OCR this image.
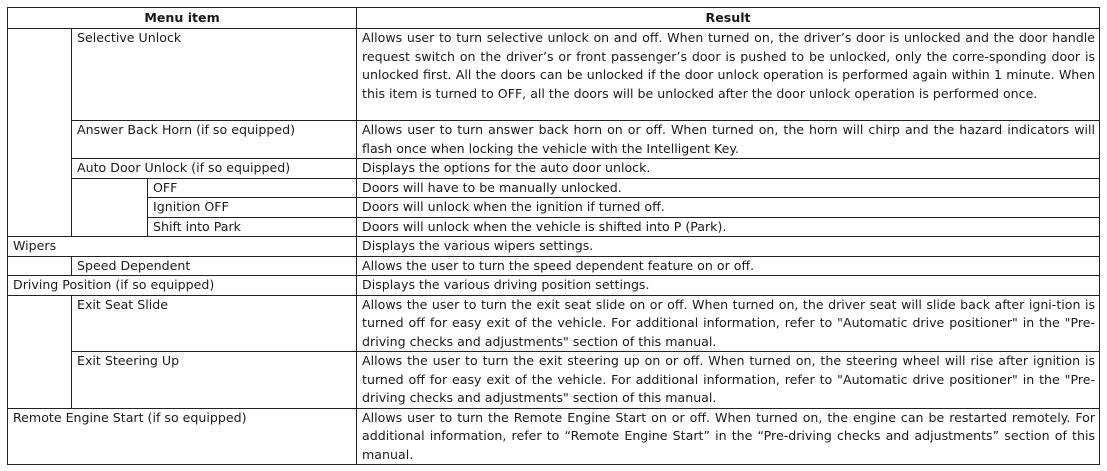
Menu item			Result
	Selective Unlock		Allows user to turn selective unlock on and off. When turned on, the driver’s door is unlocked and the door handle request switch on the driver’s or front passenger’s door is pushed to be unlocked, only the corre-sponding door is unlocked first. All the doors can be unlocked if the door unlock operation is performed again within 1 minute. When this item is turned to OFF, all the doors will be unlocked after the door unlock operation is performed once.
	Answer Back Horn (if so equipped)		Allows user to turn answer back horn on or off. When turned on, the horn will chirp and the hazard indicators will flash once when locking the vehicle with the Intelligent Key.
	Auto Door Unlock (if so equipped)		Displays the options for the auto door unlock.
		OFF	Doors will have to be manually unlocked.
		Ignition OFF	Doors will unlock when the ignition if turned off.
		Shift into Park	Doors will unlock when the vehicle is shifted into P (Park).
Wipers			Displays the various wipers settings.
	Speed Dependent		Allows the user to turn the speed dependent feature on or off.
Driving Position (if so equipped)			Displays the various driving position settings.
	Exit Seat Slide		Allows the user to turn the exit seat slide on or off. When turned on, the driver seat will slide back after igni-tion is turned off for easy exit of the vehicle. For additional information, refer to "Automatic drive positioner" in the "Pre-driving checks and adjustments" section of this manual.
	Exit Steering Up		Allows the user to turn the exit steering up on or off. When turned on, the steering wheel will rise after ignition is turned off for easy exit of the vehicle. For additional information, refer to "Automatic drive positioner" in the "Pre-driving checks and adjustments" section of this manual.
Remote Engine Start (if so equipped)			Allows user to turn the Remote Engine Start on or off. When turned on, the engine can be restarted remotely. For additional information, refer to “Remote Engine Start” in the “Pre-driving checks and adjustments” section of this manual.
